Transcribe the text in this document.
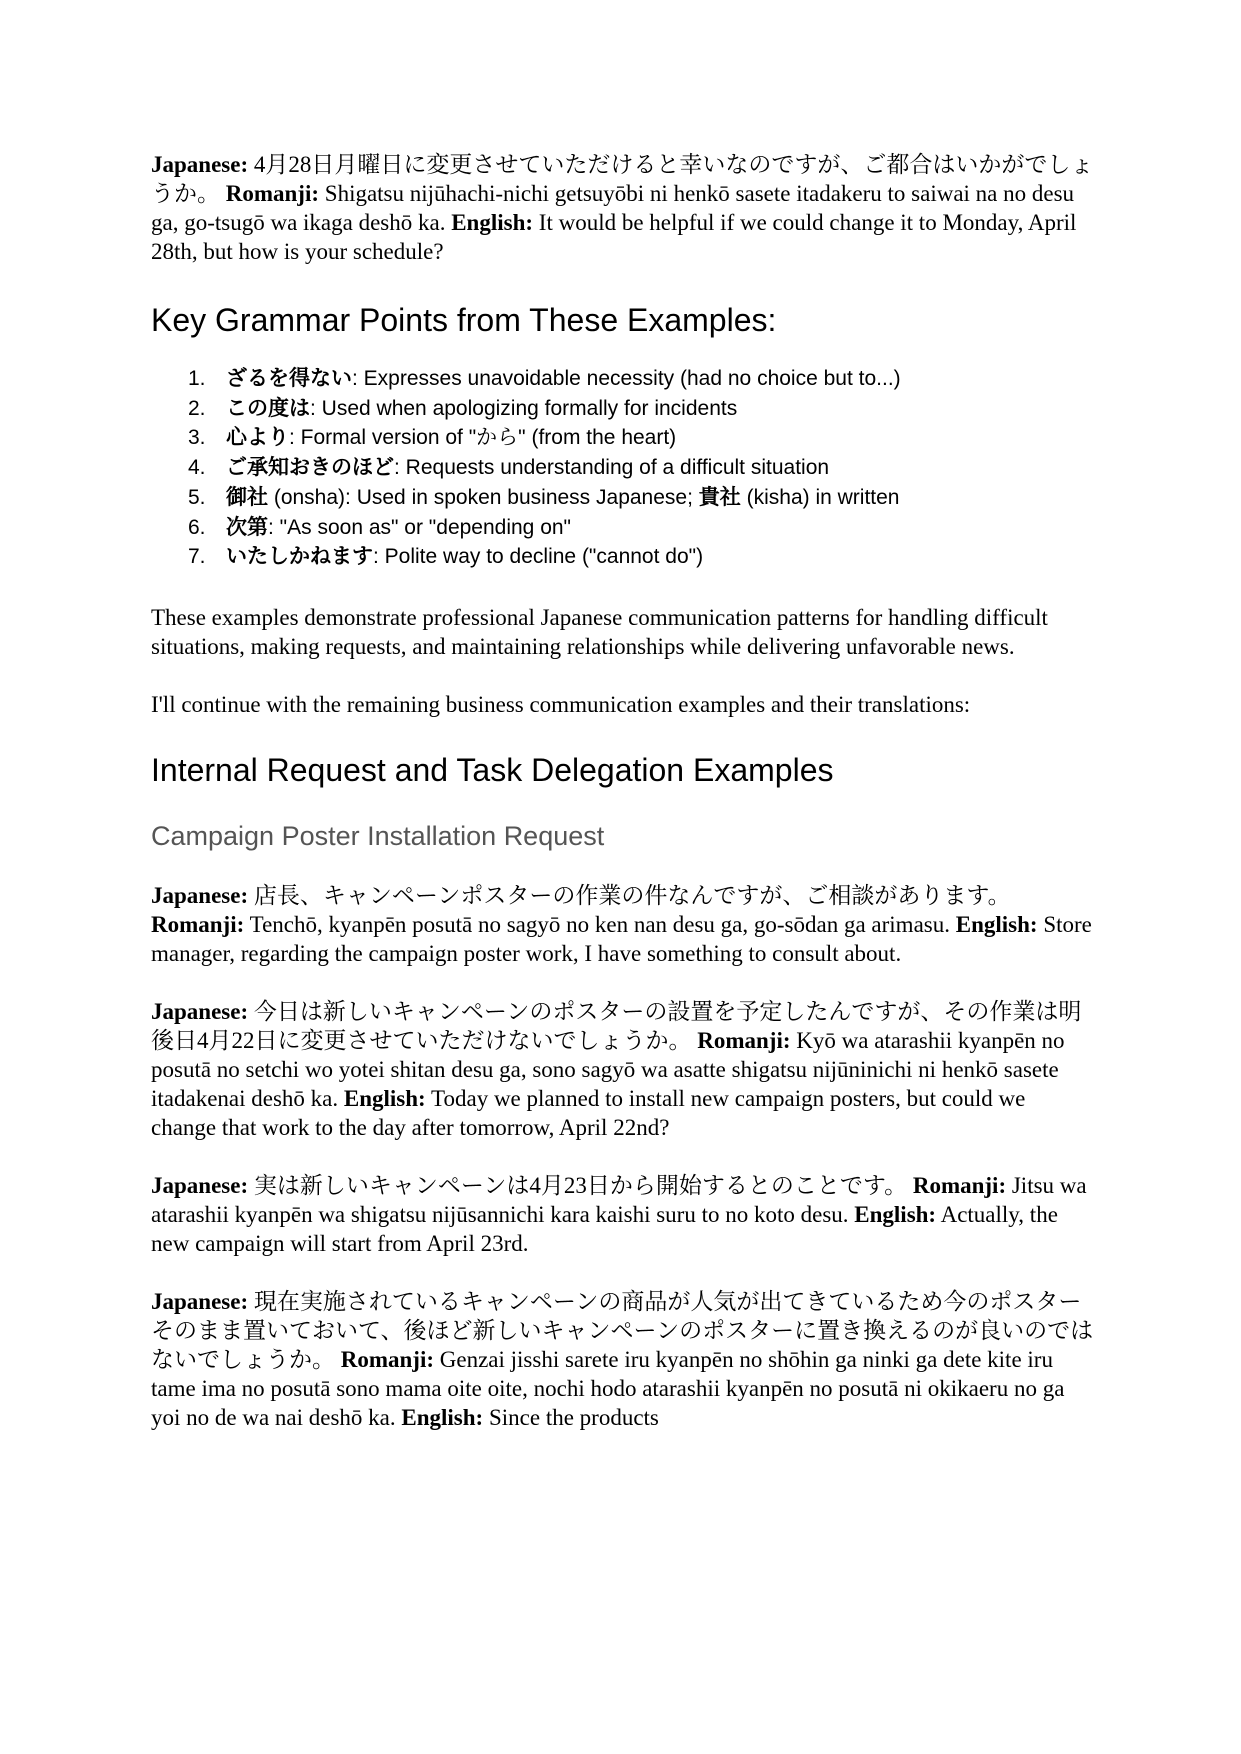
Japanese: 4月28日月曜日に変更させていただけると幸いなのですが、ご都合はいかがでしょうか。 Romanji: Shigatsu nijūhachi-nichi getsuyōbi ni henkō sasete itadakeru to saiwai na no desu ga, go-tsugō wa ikaga deshō ka. English: It would be helpful if we could change it to Monday, April 28th, but how is your schedule?

Key Grammar Points from These Examples:
1. ざるを得ない: Expresses unavoidable necessity (had no choice but to...)
2. この度は: Used when apologizing formally for incidents
3. 心より: Formal version of "から" (from the heart)
4. ご承知おきのほど: Requests understanding of a difficult situation
5. 御社 (onsha): Used in spoken business Japanese; 貴社 (kisha) in written
6. 次第: "As soon as" or "depending on"
7. いたしかねます: Polite way to decline ("cannot do")

These examples demonstrate professional Japanese communication patterns for handling difficult situations, making requests, and maintaining relationships while delivering unfavorable news.

I'll continue with the remaining business communication examples and their translations:

Internal Request and Task Delegation Examples
Campaign Poster Installation Request

Japanese: 店長、キャンペーンポスターの作業の件なんですが、ご相談があります。 Romanji: Tenchō, kyanpēn posutā no sagyō no ken nan desu ga, go-sōdan ga arimasu. English: Store manager, regarding the campaign poster work, I have something to consult about.

Japanese: 今日は新しいキャンペーンのポスターの設置を予定したんですが、その作業は明後日4月22日に変更させていただけないでしょうか。 Romanji: Kyō wa atarashii kyanpēn no posutā no setchi wo yotei shitan desu ga, sono sagyō wa asatte shigatsu nijūninichi ni henkō sasete itadakenai deshō ka. English: Today we planned to install new campaign posters, but could we change that work to the day after tomorrow, April 22nd?

Japanese: 実は新しいキャンペーンは4月23日から開始するとのことです。 Romanji: Jitsu wa atarashii kyanpēn wa shigatsu nijūsannichi kara kaishi suru to no koto desu. English: Actually, the new campaign will start from April 23rd.

Japanese: 現在実施されているキャンペーンの商品が人気が出てきているため今のポスターそのまま置いておいて、後ほど新しいキャンペーンのポスターに置き換えるのが良いのではないでしょうか。 Romanji: Genzai jisshi sarete iru kyanpēn no shōhin ga ninki ga dete kite iru tame ima no posutā sono mama oite oite, nochi hodo atarashii kyanpēn no posutā ni okikaeru no ga yoi no de wa nai deshō ka. English: Since the products
